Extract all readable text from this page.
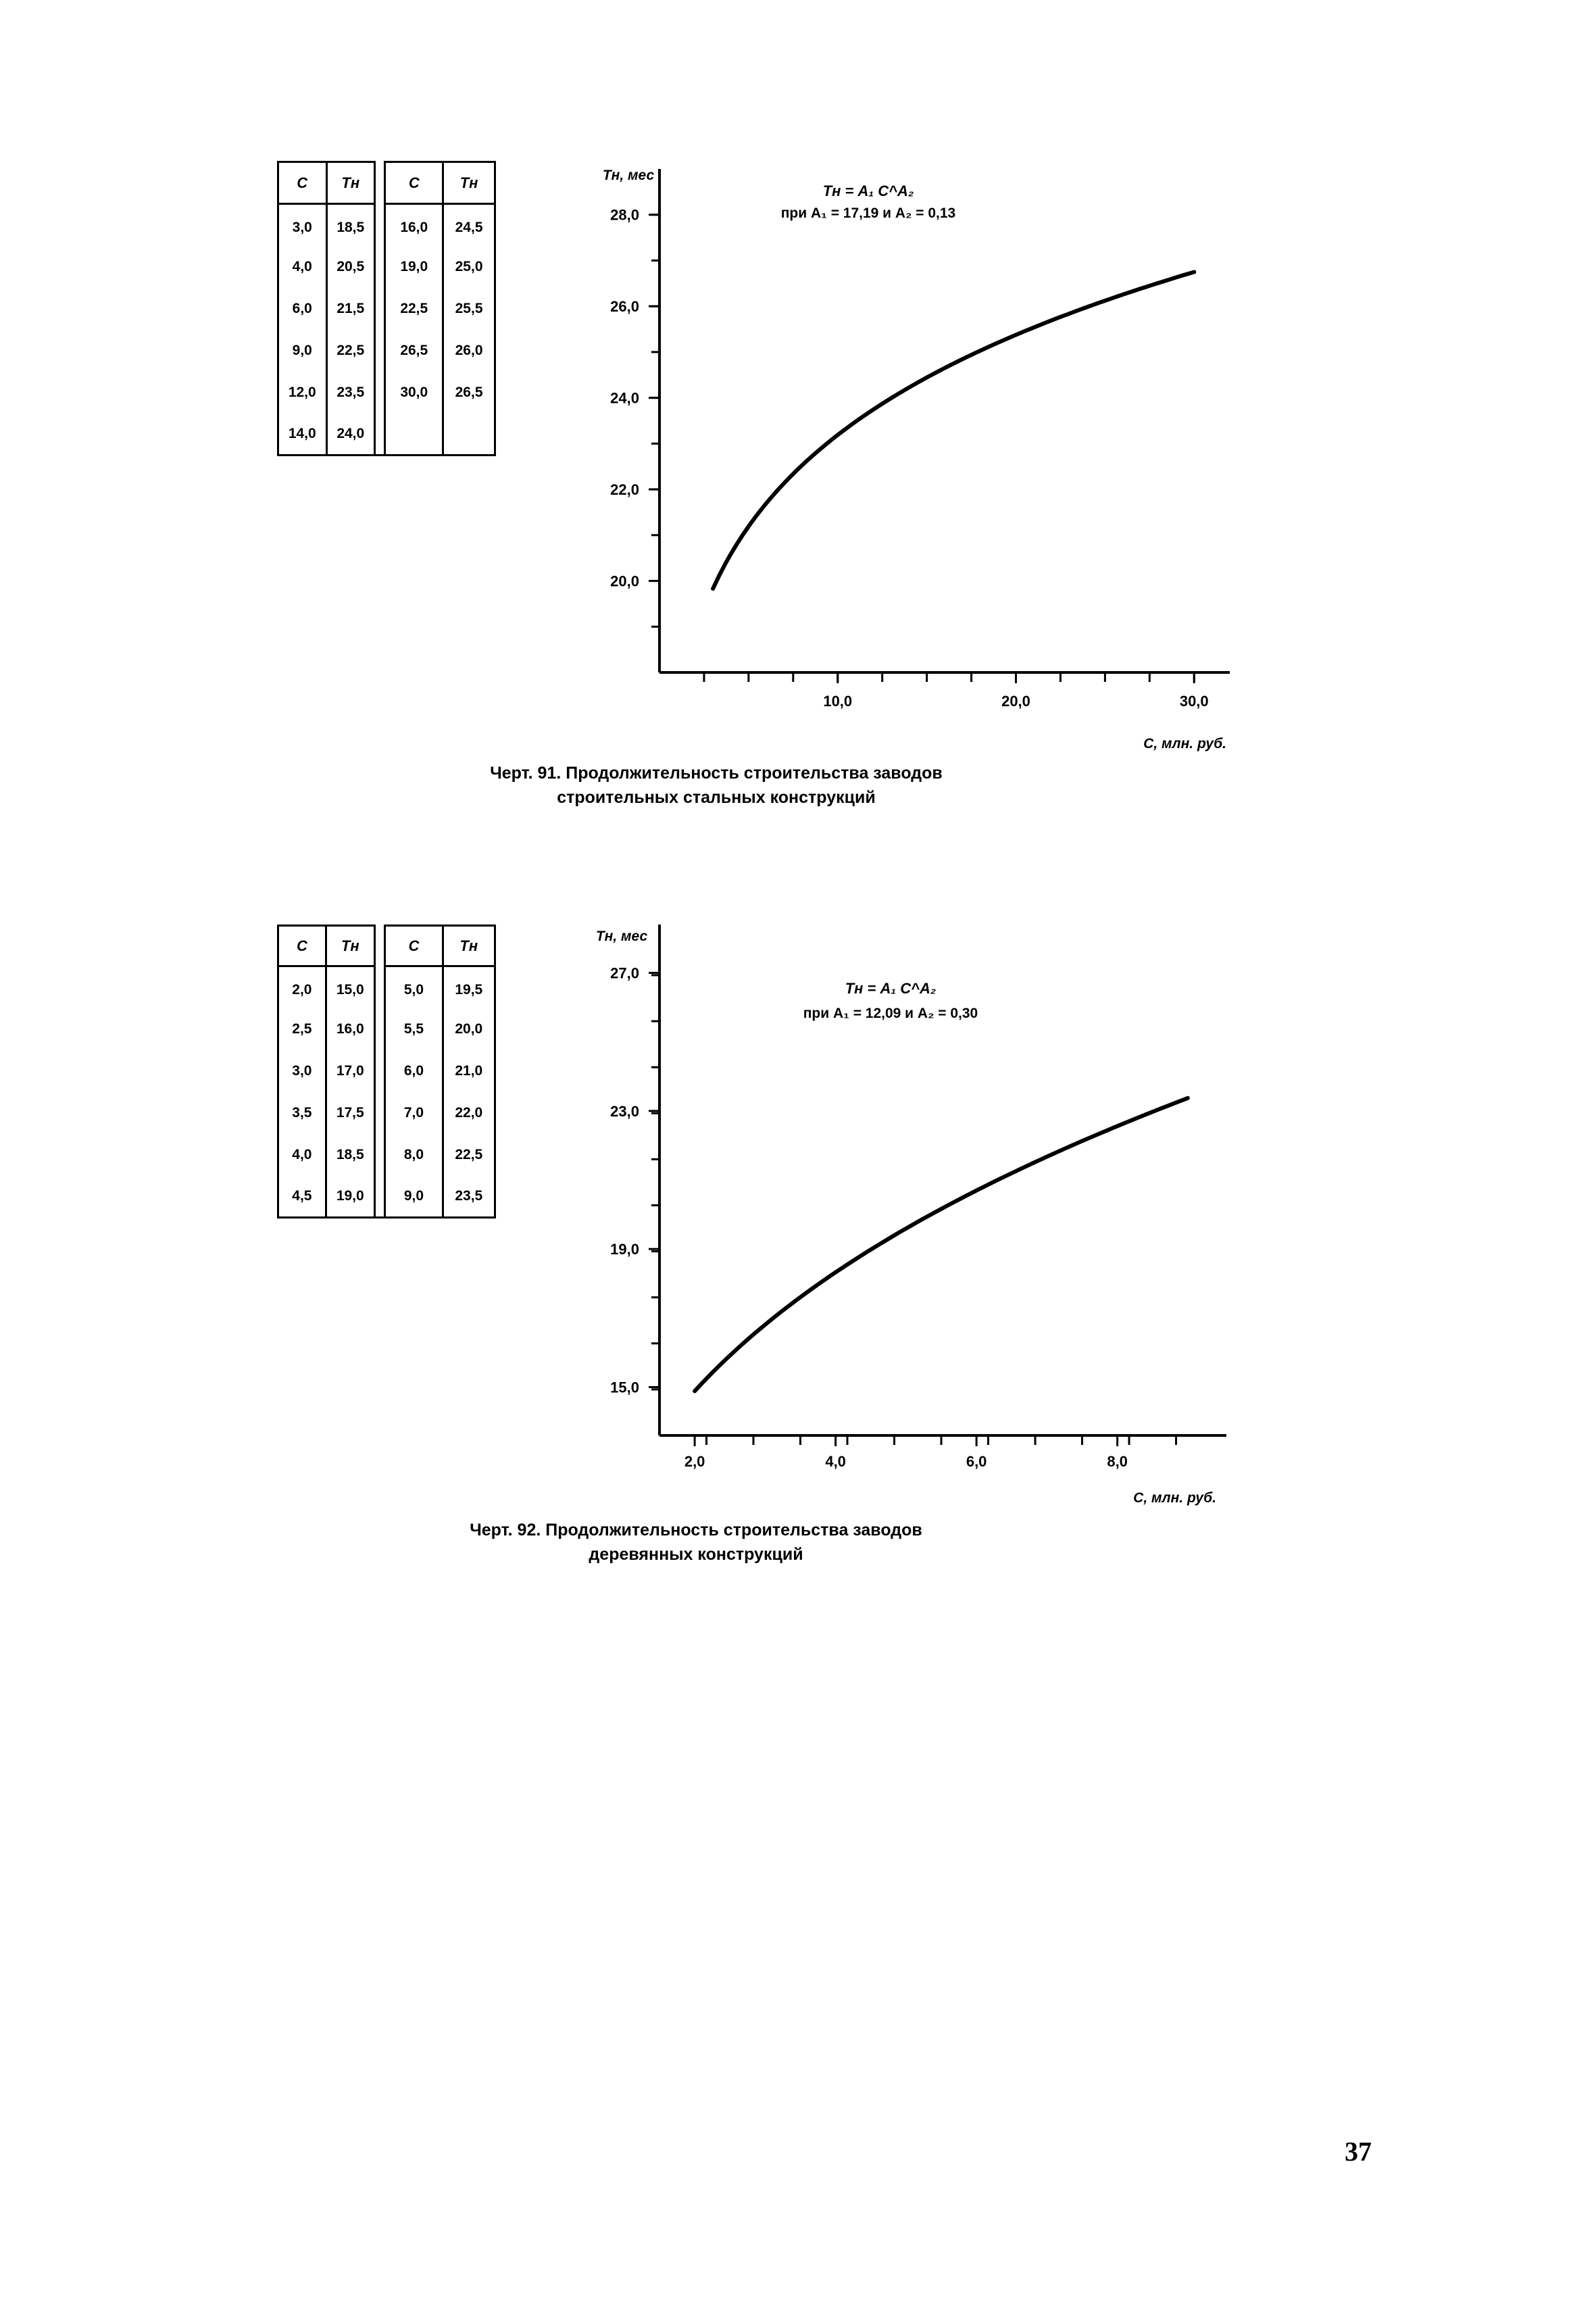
C	Тн		C	Тн
3,0	18,5		16,0	24,5
4,0	20,5		19,0	25,0
6,0	21,5		22,5	25,5
9,0	22,5		26,5	26,0
12,0	23,5		30,0	26,5
14,0	24,0			
20,0
22,0
24,0
26,0
28,0
10,0	20,0	30,0
Тн, мес
С, млн. руб.
Тн = A₁ C^A₂
при A₁ = 17,19 и A₂ = 0,13
Черт. 91. Продолжительность строительства заводов
строительных стальных конструкций
C	Тн		C	Тн
2,0	15,0		5,0	19,5
2,5	16,0		5,5	20,0
3,0	17,0		6,0	21,0
3,5	17,5		7,0	22,0
4,0	18,5		8,0	22,5
4,5	19,0		9,0	23,5
15,0
19,0
23,0
27,0
2,0	4,0	6,0	8,0
Тн, мес
С, млн. руб.
Тн = A₁ C^A₂
при A₁ = 12,09 и A₂ = 0,30
Черт. 92. Продолжительность строительства заводов
деревянных конструкций
37
